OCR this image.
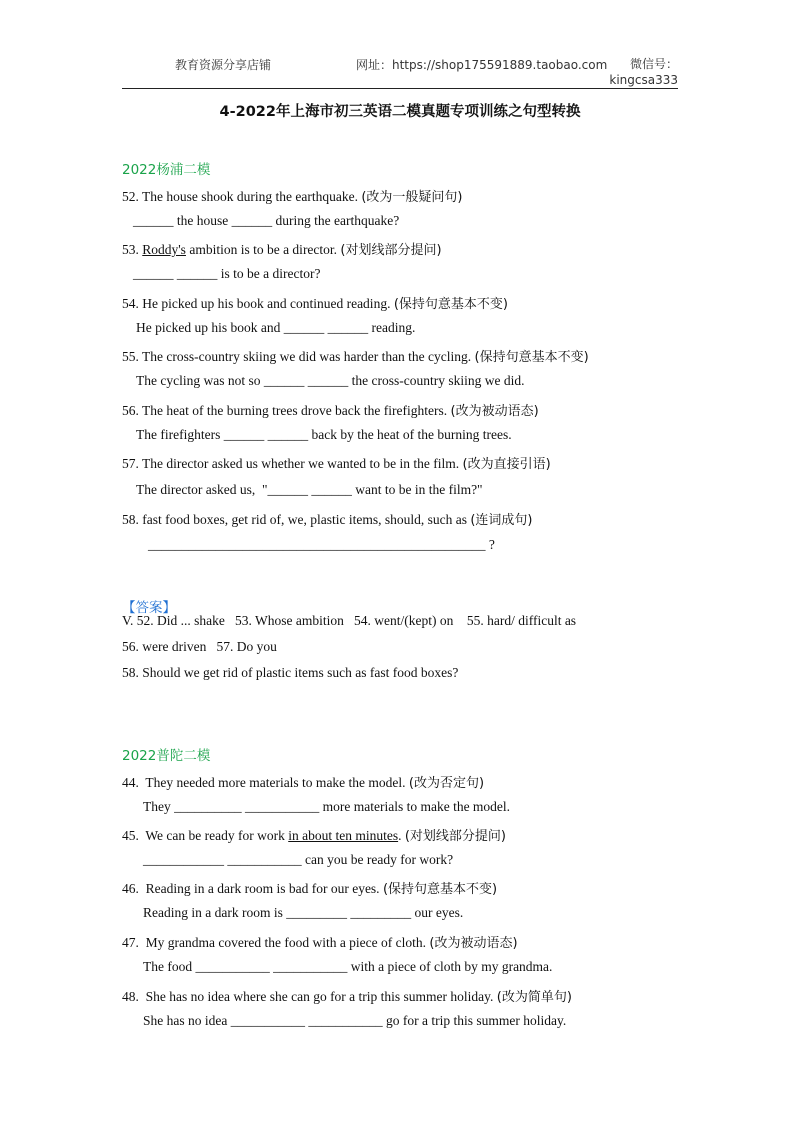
教育资源分享店铺	网址：https://shop175591889.taobao.com	微信号：
kingcsa333
4-2022年上海市初三英语二模真题专项训练之句型转换
2022杨浦二模
52. The house shook during the earthquake. (改为一般疑问句)
______ the house ______ during the earthquake?
53. Roddy's ambition is to be a director. (对划线部分提问)
______ ______ is to be a director?
54. He picked up his book and continued reading. (保持句意基本不变)
He picked up his book and ______ ______ reading.
55. The cross-country skiing we did was harder than the cycling. (保持句意基本不变)
The cycling was not so ______ ______ the cross-country skiing we did.
56. The heat of the burning trees drove back the firefighters. (改为被动语态)
The firefighters ______ ______ back by the heat of the burning trees.
57. The director asked us whether we wanted to be in the film. (改为直接引语)
The director asked us,  "______ ______ want to be in the film?"
58. fast food boxes, get rid of, we, plastic items, should, such as (连词成句)
__________________________________________________ ?
【答案】
V. 52. Did ... shake   53. Whose ambition   54. went/(kept) on    55. hard/ difficult as
56. were driven   57. Do you
58. Should we get rid of plastic items such as fast food boxes?
2022普陀二模
44.  They needed more materials to make the model. (改为否定句)
They __________ ___________ more materials to make the model.
45.  We can be ready for work in about ten minutes. (对划线部分提问)
____________ ___________ can you be ready for work?
46.  Reading in a dark room is bad for our eyes. (保持句意基本不变)
Reading in a dark room is _________ _________ our eyes.
47.  My grandma covered the food with a piece of cloth. (改为被动语态)
The food ___________ ___________ with a piece of cloth by my grandma.
48.  She has no idea where she can go for a trip this summer holiday. (改为简单句)
She has no idea ___________ ___________ go for a trip this summer holiday.
